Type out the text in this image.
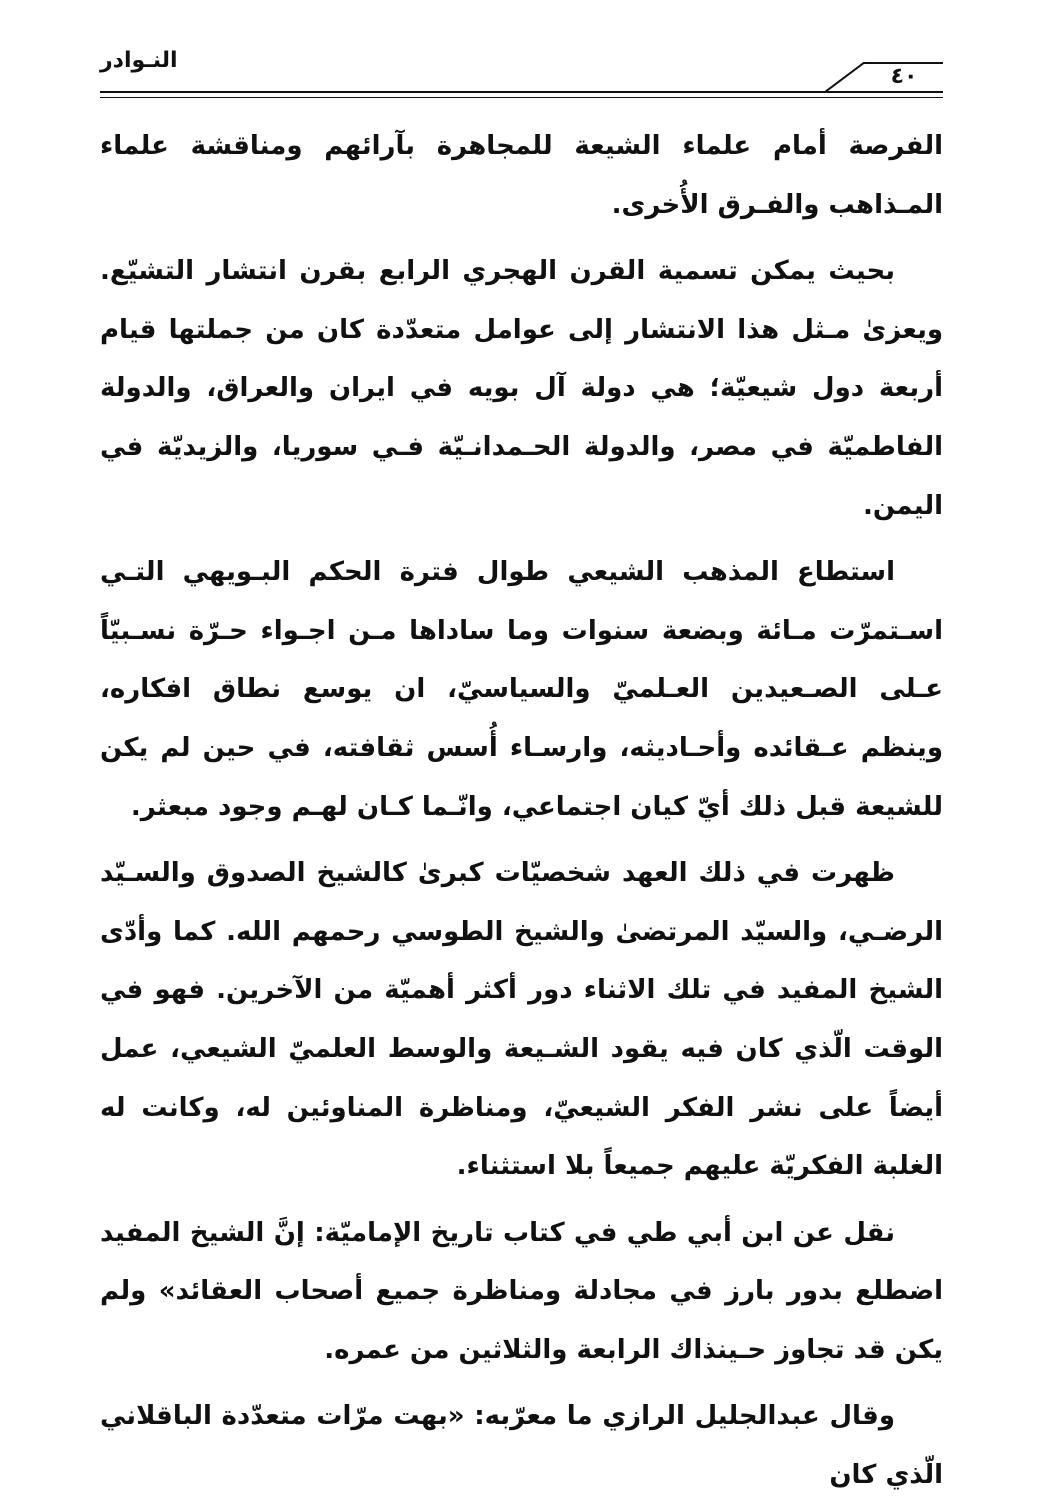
النـوادر
٤٠

الفرصة أمام علماء الشيعة للمجاهرة بآرائهم ومناقشة علماء المـذاهب والفـرق الأُخرى.

بحيث يمكن تسمية القرن الهجري الرابع بقرن انتشار التشيّع. ويعزىٰ مـثل هذا الانتشار إلى عوامل متعدّدة كان من جملتها قيام أربعة دول شيعيّة؛ هي دولة آل بويه في ايران والعراق، والدولة الفاطميّة في مصر، والدولة الحـمدانـيّة فـي سوريا، والزيديّة في اليمن.

استطاع المذهب الشيعي طوال فترة الحكم البـويهي التـي اسـتمرّت مـائة وبضعة سنوات وما ساداها مـن اجـواء حـرّة نسـبيّاً عـلى الصـعيدين العـلميّ والسياسيّ، ان يوسع نطاق افكاره، وينظم عـقائده وأحـاديثه، وارسـاء أُسس ثقافته، في حين لم يكن للشيعة قبل ذلك أيّ كيان اجتماعي، وانّـما كـان لهـم وجود مبعثر.

ظهرت في ذلك العهد شخصيّات كبرىٰ كالشيخ الصدوق والسـيّد الرضـي، والسيّد المرتضىٰ والشيخ الطوسي رحمهم الله. كما وأدّى الشيخ المفيد في تلك الاثناء دور أكثر أهميّة من الآخرين. فهو في الوقت الّذي كان فيه يقود الشـيعة والوسط العلميّ الشيعي، عمل أيضاً على نشر الفكر الشيعيّ، ومناظرة المناوئين له، وكانت له الغلبة الفكريّة عليهم جميعاً بلا استثناء.

نقل عن ابن أبي طي في كتاب تاريخ الإماميّة: إنَّ الشيخ المفيد اضطلع بدور بارز في مجادلة ومناظرة جميع أصحاب العقائد» ولم يكن قد تجاوز حـينذاك الرابعة والثلاثين من عمره.

وقال عبدالجليل الرازي ما معرّبه: «بهت مرّات متعدّدة الباقلاني الّذي كان
